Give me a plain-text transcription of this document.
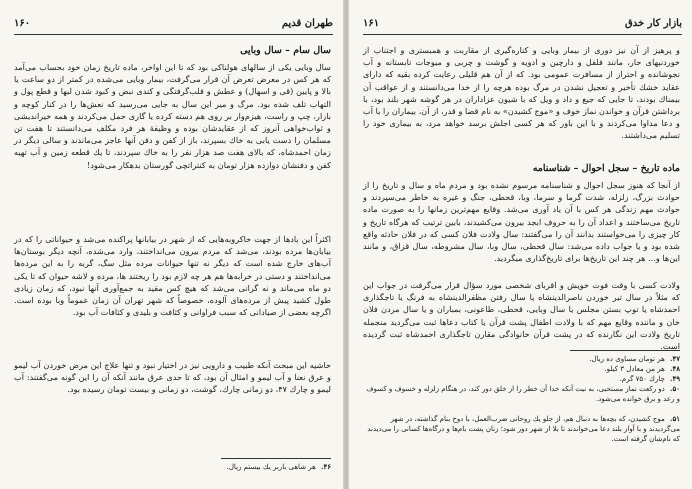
طهران قديم
١۶٠

سال سام – سال وبايی

سال وبايی يكی از سالهای هولناكی بود كه تا اين اواخر، ماده تاريخ زمان خود بحساب می‌آمد كه هر كس در معرض تعرض آن قرار می‌گرفت، بيمار وبايی می‌شده در كمتر از دو ساعت يا بالا و پايين (قی و اسهال) و عطش و قلب‌گرفتگی و كندی نبض و كبود شدن لبها و قطع پول و التهاب تلف شده بود. مرگ و مير اين سال به جايی می‌رسيد كه نعش‌ها را در كنار كوچه و بازار، چپ و راست، هيزم‌وار بر روی هم دسته كرده يا گاری حمل می‌كردند و همه خيراندیشی و ثواب‌خواهی آنروز كه از عقايدشان بوده و وظيفهٔ هر فرد مكلف می‌دانستند تا هفت تن مسلمان را دست يابی به خاك بسپرند، باز از كفن و دفن آنها عاجز می‌ماندند و سالی ديگر در زمان احمدشاه، كه بالای هفت صد هزار نفر را به خاك سپردند، تا يك قطعه زمين و آب تهيه كفن و دفنشان دوازده هزار تومان به كنتراتچی گورستان بدهكار می‌شود!

اكثراً اين بادها از جهت خاكروبه‌هايی كه از شهر در بيابانها پراكنده می‌شد و حيواناتی را كه در بيابان‌ها مرده بودند، می‌شد كه مردم بيرون می‌انداختند، وارد می‌شده، آنچه ديگر بوستان‌ها آب‌های خارج شده است كه ديگر نه تنها حيوانات مرده مثل سگ، گربه را به اين مرده‌ها می‌انداختند و دستی در خرابه‌ها هم هر چه لازم بود را ريختند ها، مرده و لاشه حيوان كه تا يكی دو ماه می‌ماند و نه گرانی می‌شد كه هيچ كس مقيد به جمع‌آوری آنها نبود، كه زمان زيادی طول كشيد پيش از مرده‌های آلوده، خصوصاً كه شهر تهران آن زمان عموماً وبا بوده است. اگرچه بعضی از صيادانی كه سبب فراوانی و كثافت و بليدی و كثافات آب بود.

حاشيه اين مبحث آنكه طبيب و دارويی نيز در اختيار نبود و تنها علاج اين مرض خوردن آب ليمو و عرق نعنا و آب ليمو و امثال آن بود، كه تا حدی عرق مانند آنكه آن را اين گونه می‌گفتند: آب ليمو و چارك ۴٧، دو زمانی چارك، گوشت، دو زمانی و بيست تومان رسيده بود.

۴۶. هر شاهی باربر يك بيستم ريال.

بازار كار خدق
١۶١

و پرهيز از آن نيز دوری از بيمار وبايی و كناره‌گيری از مقاربت و همبستری و اجتناب از خوردنيهای حار، مانند فلفل و دارچين و ادويه و گوشت و چربی و ميوجات تابستانه و آب نجوشانده و احتراز از مسافرت عمومی بود. كه از آن هم قليلی رعايت كرده بقيه كه دارای عقايد خشك تأخير و تعجيل نشدن در مرگ بوده هرچه را از خدا می‌دانستند و از عواقب آن بيمناك بودند، تا جايی كه جيغ و داد و ويل كه با شيون عزاداران در هر گوشه شهر بلند بود، با برداشتن قرآن و خواندن نماز خوف و «موج كشيدن» به نام قضا و قدر، از آن، بيماران را با آب و دعا مداوا می‌كردند و با اين باور كه هر كسی اجلش برسد خواهد مرد، به بيماری خود را تسليم می‌داشتند.

ماده تاريخ – سجل احوال – شناسنامه

از آنجا كه هنوز سجل احوال و شناسنامه مرسوم نشده بود و مردم ماه و سال و تاريخ را از حوادث بزرگ، زلزله، شدت گرما و سرما، وبا، قحطی، جنگ و غيره به خاطر می‌سپردند و حوادث مهم زندگی هر كس با آن ياد آوری می‌شد. وقايع مهم‌ترين زمانها را به صورت ماده تاريخ می‌ساختند و اعداد آن را به حروف ابجد بيرون می‌كشيدند، بابين ترتيب كه هرگاه تاريخ و كار چيزی را می‌خواستند بدانند آن را می‌گفتند: سال ولادت فلان كسی كه در فلان حادثه واقع شده بود و يا جواب داده می‌شد: سال قحطی، سال وبا، سال مشروطه، سال قزاق، و مانند اين‌ها و... هر چند اين تاريخ‌ها برای تاريخ‌گذاری ميگرديد.

ولادت كسی با وقت فوت خويش و اقربای شخصی مورد سؤال قرار می‌گرفت در جواب اين كه مثلاً در سال تير خوردن ناصرالدينشاه يا سال رفتن مظفرالدينشاه به فرنگ يا تاجگذاری احمدشاه يا توپ بستن مجلس يا سال وبايی، قحطی، طاعونی، بمباران و يا سال مردن فلان خان و ماننده وقايع مهم كه با ولادت اطفال پشت قرآن يا كتاب دعاها ثبت می‌گرديد منجمله تاريخ ولادت اين نگارنده كه در پشت قرآن خانوادگی مقارن تاجگذاری احمدشاه ثبت گرديده است.

۴٧. هر تومان مساوی ده ريال.

۴٨. هر من معادل ٣ كيلو.

۴٩. چارك ٧۵٠ گرم.

۵٠. دو ركعت نماز مستحبی، به نيت آنكه خدا آن خطر را از خلق دور كند، در هنگام زلزله و خسوف و كسوف و رعد و برق خوانده می‌شود.

۵١. موج كشيدن، كه بچه‌ها به دنبال هم، از جلو يك روحانی ضرب‌العمل، با دوخ بنام گذاشته، در شهر می‌گرديدند و با آواز بلند دعا می‌خواندند تا بلا از شهر دور شود؛ زنان پشت بام‌ها و درگاه‌ها كسانی را می‌ديدند كه نام‌شان گرفته است.
